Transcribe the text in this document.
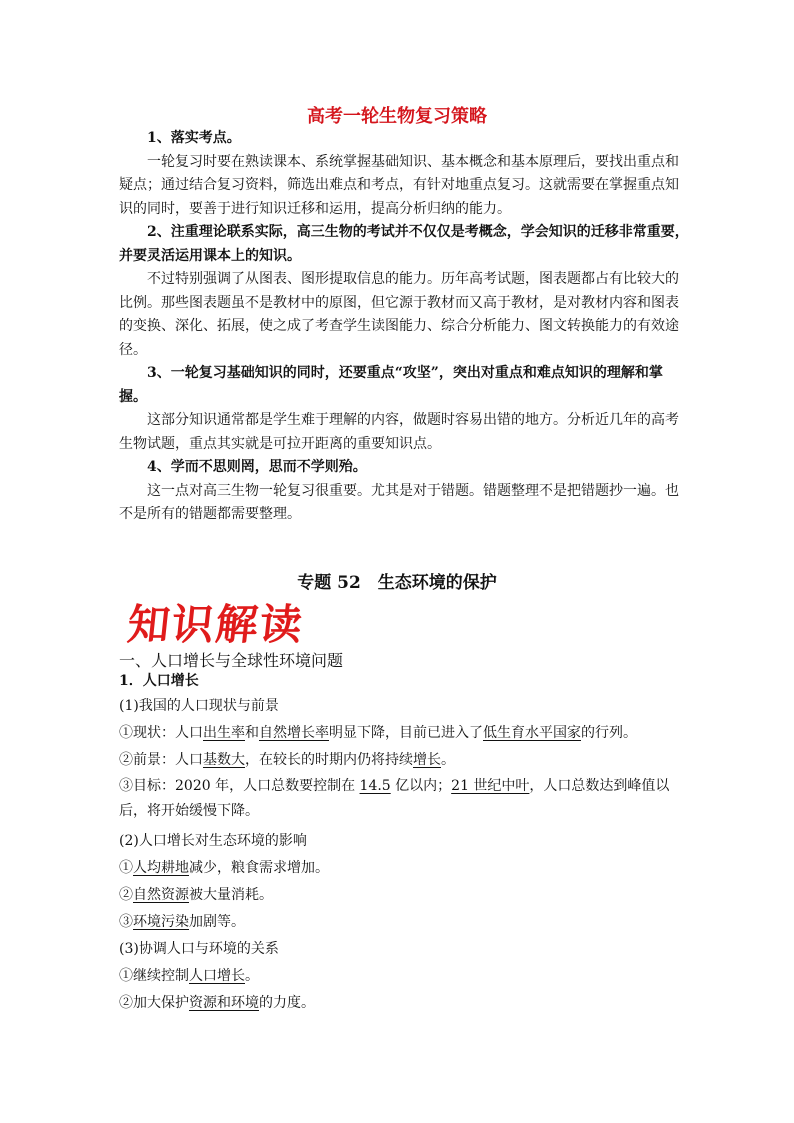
高考一轮生物复习策略
1、落实考点。
一轮复习时要在熟读课本、系统掌握基础知识、基本概念和基本原理后，要找出重点和疑点；通过结合复习资料，筛选出难点和考点，有针对地重点复习。这就需要在掌握重点知识的同时，要善于进行知识迁移和运用，提高分析归纳的能力。
2、注重理论联系实际，高三生物的考试并不仅仅是考概念，学会知识的迁移非常重要，并要灵活运用课本上的知识。
不过特别强调了从图表、图形提取信息的能力。历年高考试题，图表题都占有比较大的比例。那些图表题虽不是教材中的原图，但它源于教材而又高于教材，是对教材内容和图表的变换、深化、拓展，使之成了考查学生读图能力、综合分析能力、图文转换能力的有效途径。
3、一轮复习基础知识的同时，还要重点“攻坚”，突出对重点和难点知识的理解和掌握。
这部分知识通常都是学生难于理解的内容，做题时容易出错的地方。分析近几年的高考生物试题，重点其实就是可拉开距离的重要知识点。
4、学而不思则罔，思而不学则殆。
这一点对高三生物一轮复习很重要。尤其是对于错题。错题整理不是把错题抄一遍。也不是所有的错题都需要整理。
专题 52　生态环境的保护
知识解读
一、人口增长与全球性环境问题
1．人口增长
(1)我国的人口现状与前景
①现状：人口出生率和自然增长率明显下降，目前已进入了低生育水平国家的行列。
②前景：人口基数大，在较长的时期内仍将持续增长。
③目标：2020 年，人口总数要控制在 14.5 亿以内；21 世纪中叶，人口总数达到峰值以后，将开始缓慢下降。
(2)人口增长对生态环境的影响
①人均耕地减少，粮食需求增加。
②自然资源被大量消耗。
③环境污染加剧等。
(3)协调人口与环境的关系
①继续控制人口增长。
②加大保护资源和环境的力度。
